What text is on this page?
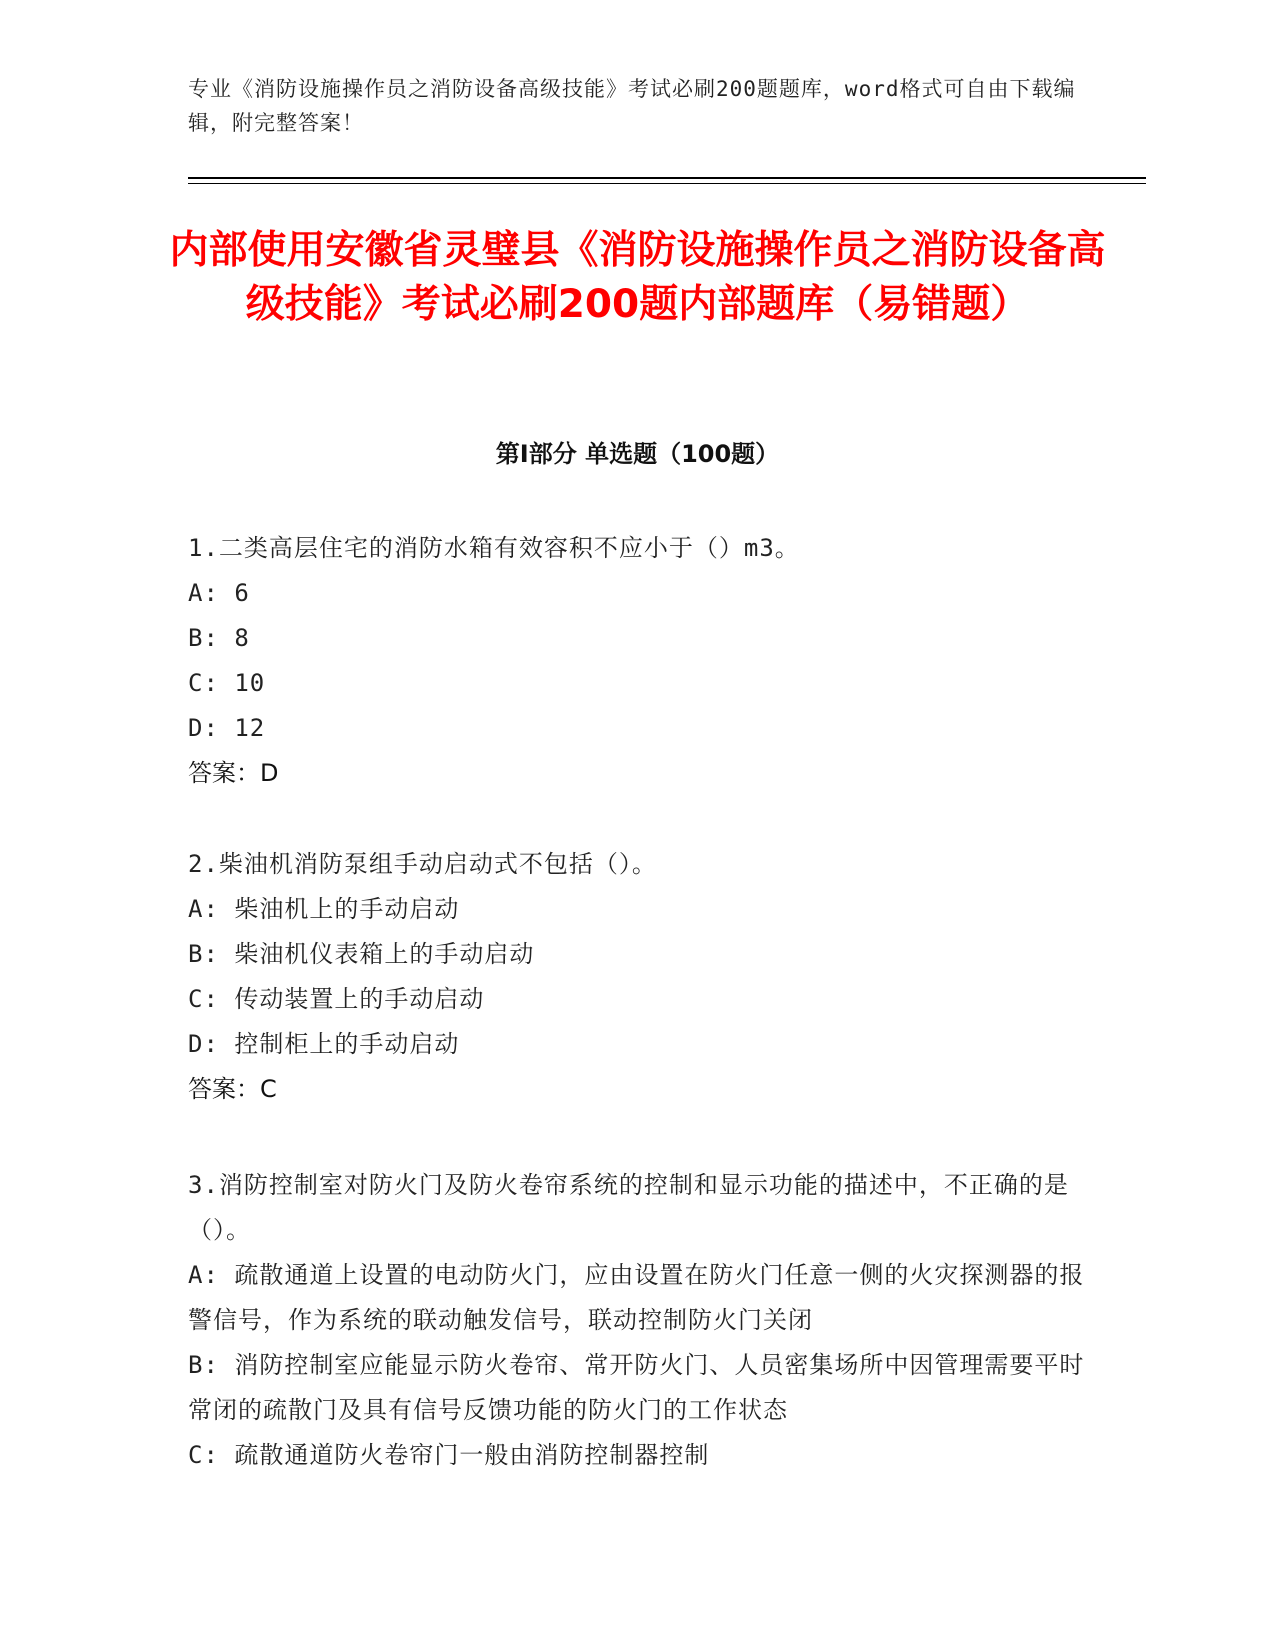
专业《消防设施操作员之消防设备高级技能》考试必刷200题题库，word格式可自由下载编辑，附完整答案！
内部使用安徽省灵璧县《消防设施操作员之消防设备高级技能》考试必刷200题内部题库（易错题）
第Ⅰ部分 单选题（100题）
1.二类高层住宅的消防水箱有效容积不应小于（）m3。
A: 6
B: 8
C: 10
D: 12
答案：D
2.柴油机消防泵组手动启动式不包括（）。
A: 柴油机上的手动启动
B: 柴油机仪表箱上的手动启动
C: 传动装置上的手动启动
D: 控制柜上的手动启动
答案：C
3.消防控制室对防火门及防火卷帘系统的控制和显示功能的描述中，不正确的是（）。
A: 疏散通道上设置的电动防火门，应由设置在防火门任意一侧的火灾探测器的报警信号，作为系统的联动触发信号，联动控制防火门关闭
B: 消防控制室应能显示防火卷帘、常开防火门、人员密集场所中因管理需要平时常闭的疏散门及具有信号反馈功能的防火门的工作状态
C: 疏散通道防火卷帘门一般由消防控制器控制
